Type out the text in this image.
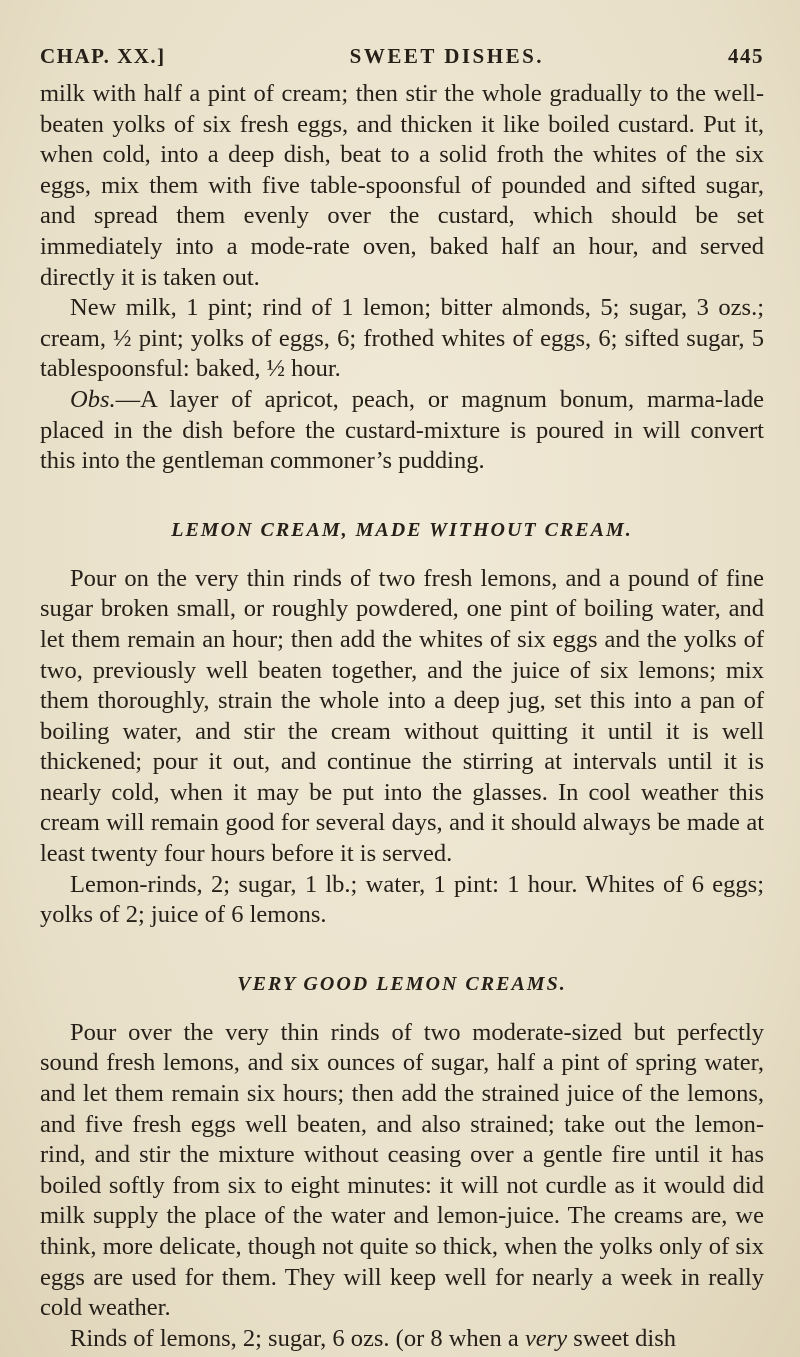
CHAP. XX.]	SWEET DISHES.	445

milk with half a pint of cream; then stir the whole gradually to the well-beaten yolks of six fresh eggs, and thicken it like boiled custard. Put it, when cold, into a deep dish, beat to a solid froth the whites of the six eggs, mix them with five table-spoonsful of pounded and sifted sugar, and spread them evenly over the custard, which should be set immediately into a mode-rate oven, baked half an hour, and served directly it is taken out.

New milk, 1 pint; rind of 1 lemon; bitter almonds, 5; sugar, 3 ozs.; cream, ½ pint; yolks of eggs, 6; frothed whites of eggs, 6; sifted sugar, 5 tablespoonsful: baked, ½ hour.

Obs.—A layer of apricot, peach, or magnum bonum, marma-lade placed in the dish before the custard-mixture is poured in will convert this into the gentleman commoner’s pudding.

LEMON CREAM, MADE WITHOUT CREAM.

Pour on the very thin rinds of two fresh lemons, and a pound of fine sugar broken small, or roughly powdered, one pint of boiling water, and let them remain an hour; then add the whites of six eggs and the yolks of two, previously well beaten together, and the juice of six lemons; mix them thoroughly, strain the whole into a deep jug, set this into a pan of boiling water, and stir the cream without quitting it until it is well thickened; pour it out, and continue the stirring at intervals until it is nearly cold, when it may be put into the glasses. In cool weather this cream will remain good for several days, and it should always be made at least twenty four hours before it is served.

Lemon-rinds, 2; sugar, 1 lb.; water, 1 pint: 1 hour. Whites of 6 eggs; yolks of 2; juice of 6 lemons.

VERY GOOD LEMON CREAMS.

Pour over the very thin rinds of two moderate-sized but perfectly sound fresh lemons, and six ounces of sugar, half a pint of spring water, and let them remain six hours; then add the strained juice of the lemons, and five fresh eggs well beaten, and also strained; take out the lemon-rind, and stir the mixture without ceasing over a gentle fire until it has boiled softly from six to eight minutes: it will not curdle as it would did milk supply the place of the water and lemon-juice. The creams are, we think, more delicate, though not quite so thick, when the yolks only of six eggs are used for them. They will keep well for nearly a week in really cold weather.

Rinds of lemons, 2; sugar, 6 ozs. (or 8 when a very sweet dish
